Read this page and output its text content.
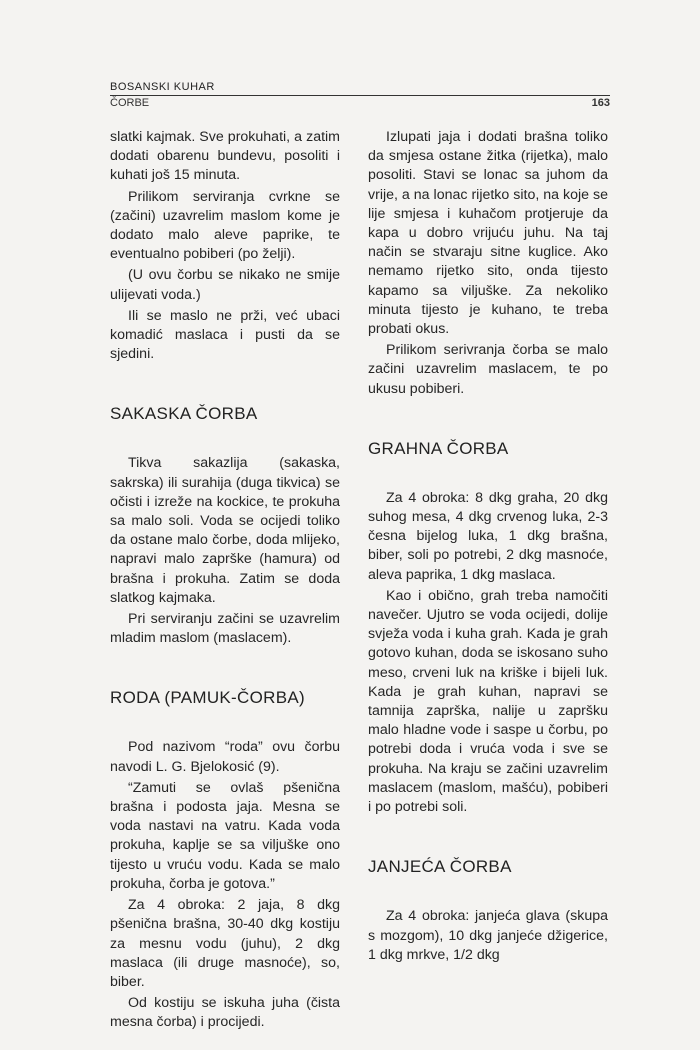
BOSANSKI KUHAR
ČORBE	163

slatki kajmak. Sve prokuhati, a zatim dodati obarenu bundevu, posoliti i kuhati još 15 minuta.

Prilikom serviranja cvrkne se (začini) uzavrelim maslom kome je dodato malo aleve paprike, te eventualno pobiberi (po želji).

(U ovu čorbu se nikako ne smije ulijevati voda.)

Ili se maslo ne prži, već ubaci komadić maslaca i pusti da se sjedini.

SAKASKA ČORBA

Tikva sakazlija (sakaska, sakrska) ili surahija (duga tikvica) se očisti i izreže na kockice, te prokuha sa malo soli. Voda se ocijedi toliko da ostane malo čorbe, doda mlijeko, napravi malo zaprške (hamura) od brašna i prokuha. Zatim se doda slatkog kajmaka.

Pri serviranju začini se uzavrelim mladim maslom (maslacem).

RODA (PAMUK-ČORBA)

Pod nazivom “roda” ovu čorbu navodi L. G. Bjelokosić (9).

“Zamuti se ovlaš pšenična brašna i podosta jaja. Mesna se voda nastavi na vatru. Kada voda prokuha, kaplje se sa viljuške ono tijesto u vruću vodu. Kada se malo prokuha, čorba je gotova.”

Za 4 obroka: 2 jaja, 8 dkg pšenična brašna, 30-40 dkg kostiju za mesnu vodu (juhu), 2 dkg maslaca (ili druge masnoće), so, biber.

Od kostiju se iskuha juha (čista mesna čorba) i procijedi.

Izlupati jaja i dodati brašna toliko da smjesa ostane žitka (rijetka), malo posoliti. Stavi se lonac sa juhom da vrije, a na lonac rijetko sito, na koje se lije smjesa i kuhačom protjeruje da kapa u dobro vrijuću juhu. Na taj način se stvaraju sitne kuglice. Ako nemamo rijetko sito, onda tijesto kapamo sa viljuške. Za nekoliko minuta tijesto je kuhano, te treba probati okus.

Prilikom serivranja čorba se malo začini uzavrelim maslacem, te po ukusu pobiberi.

GRAHNA ČORBA

Za 4 obroka: 8 dkg graha, 20 dkg suhog mesa, 4 dkg crvenog luka, 2-3 česna bijelog luka, 1 dkg brašna, biber, soli po potrebi, 2 dkg masnoće, aleva paprika, 1 dkg maslaca.

Kao i obično, grah treba namočiti navečer. Ujutro se voda ocijedi, dolije svježa voda i kuha grah. Kada je grah gotovo kuhan, doda se iskosano suho meso, crveni luk na kriške i bijeli luk. Kada je grah kuhan, napravi se tamnija zaprška, nalije u zapršku malo hladne vode i saspe u čorbu, po potrebi doda i vruća voda i sve se prokuha. Na kraju se začini uzavrelim maslacem (maslom, mašću), pobiberi i po potrebi soli.

JANJEĆA ČORBA

Za 4 obroka: janjeća glava (skupa s mozgom), 10 dkg janjeće džigerice, 1 dkg mrkve, 1/2 dkg
